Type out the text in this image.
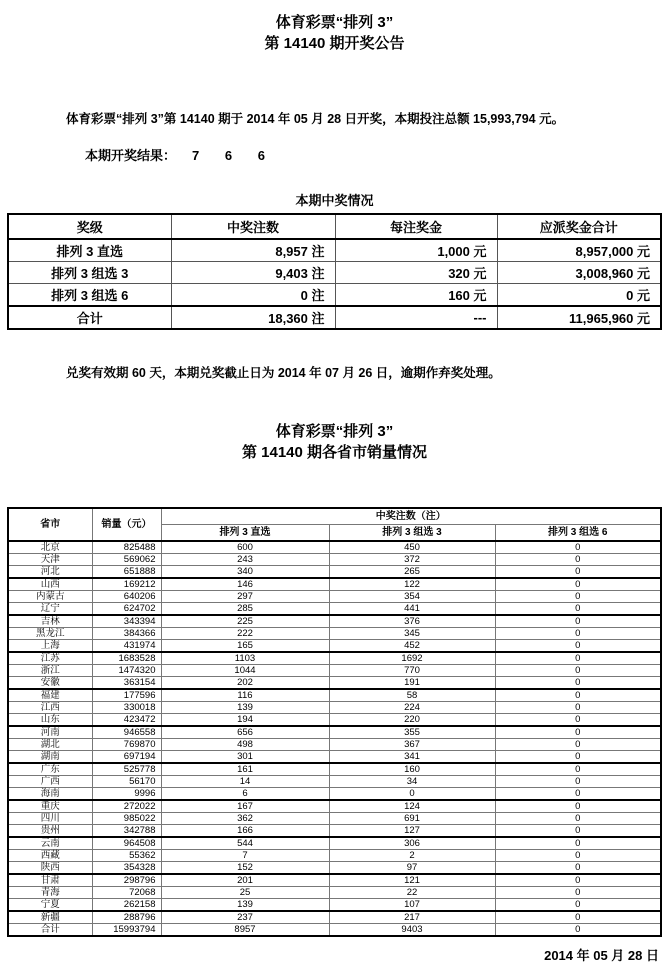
体育彩票“排列 3”
第 14140 期开奖公告

体育彩票“排列 3”第 14140 期于 2014 年 05 月 28 日开奖，本期投注总额 15,993,794 元。

本期开奖结果： 7 6 6

本期中奖情况
奖级	中奖注数	每注奖金	应派奖金合计
排列 3 直选	8,957 注	1,000 元	8,957,000 元
排列 3 组选 3	9,403 注	320 元	3,008,960 元
排列 3 组选 6	0 注	160 元	0 元
合计	18,360 注	---	11,965,960 元

兑奖有效期 60 天，本期兑奖截止日为 2014 年 07 月 26 日，逾期作弃奖处理。

体育彩票“排列 3”
第 14140 期各省市销量情况
省市	销量（元）	中奖注数（注）		
		排列 3 直选	排列 3 组选 3	排列 3 组选 6
北京	825488	600	450	0
天津	569062	243	372	0
河北	651888	340	265	0
山西	169212	146	122	0
内蒙古	640206	297	354	0
辽宁	624702	285	441	0
吉林	343394	225	376	0
黑龙江	384366	222	345	0
上海	431974	165	452	0
江苏	1683528	1103	1692	0
浙江	1474320	1044	770	0
安徽	363154	202	191	0
福建	177596	116	58	0
江西	330018	139	224	0
山东	423472	194	220	0
河南	946558	656	355	0
湖北	769870	498	367	0
湖南	697194	301	341	0
广东	525778	161	160	0
广西	56170	14	34	0
海南	9996	6	0	0
重庆	272022	167	124	0
四川	985022	362	691	0
贵州	342788	166	127	0
云南	964508	544	306	0
西藏	55362	7	2	0
陕西	354328	152	97	0
甘肃	298796	201	121	0
青海	72068	25	22	0
宁夏	262158	139	107	0
新疆	288796	237	217	0
合计	15993794	8957	9403	0
2014 年 05 月 28 日
